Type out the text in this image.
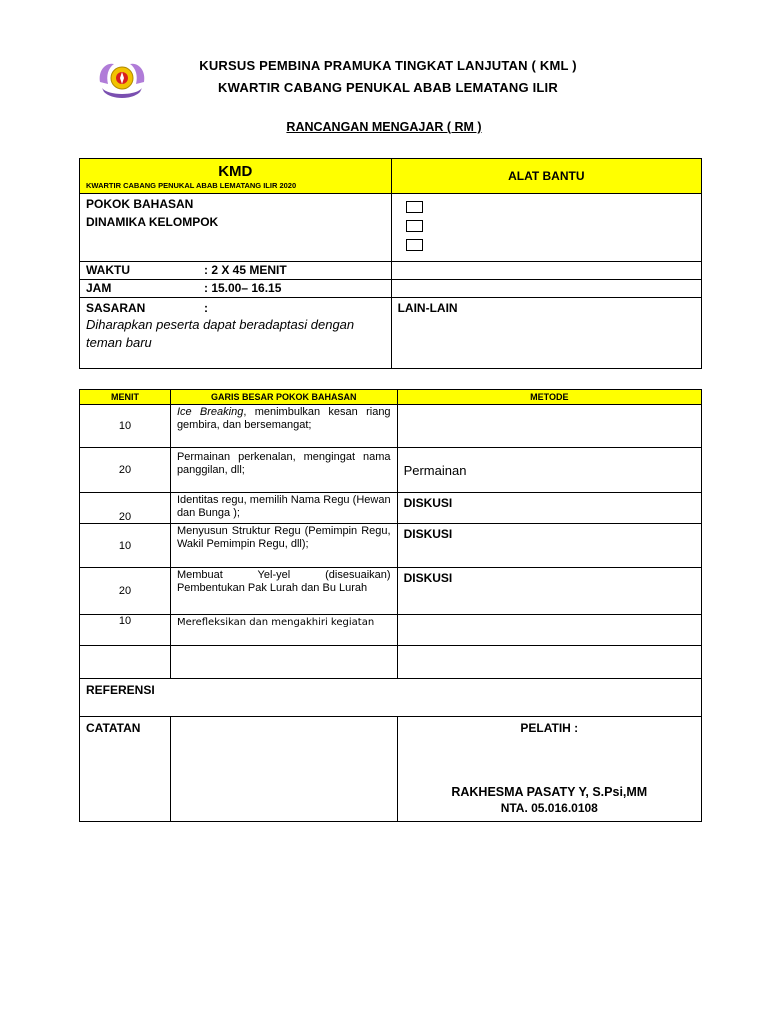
KURSUS PEMBINA PRAMUKA TINGKAT LANJUTAN ( KML )
KWARTIR CABANG PENUKAL ABAB LEMATANG ILIR
RANCANGAN MENGAJAR ( RM )
KMD
KWARTIR CABANG PENUKAL ABAB LEMATANG ILIR 2020	ALAT BANTU

POKOK BAHASAN
DINAMIKA KELOMPOK	

WAKTU : 2 X 45 MENIT	
JAM : 15.00– 16.15	

SASARAN :
Diharapkan peserta dapat beradaptasi dengan teman baru	LAIN-LAIN
MENIT	GARIS BESAR POKOK BAHASAN	METODE
10	Ice Breaking, menimbulkan kesan riang gembira, dan bersemangat;	
20	Permainan perkenalan, mengingat nama panggilan, dll;	Permainan
20	Identitas regu, memilih Nama Regu (Hewan dan Bunga );	DISKUSI
10	Menyusun Struktur Regu (Pemimpin Regu, Wakil Pemimpin Regu, dll);	DISKUSI
20	Membuat Yel-yel (disesuaikan) Pembentukan Pak Lurah dan Bu Lurah	DISKUSI
10	Merefleksikan dan mengakhiri kegiatan	

REFERENSI		
CATATAN		PELATIH :
RAKHESMA PASATY Y, S.Psi,MM
NTA. 05.016.0108
